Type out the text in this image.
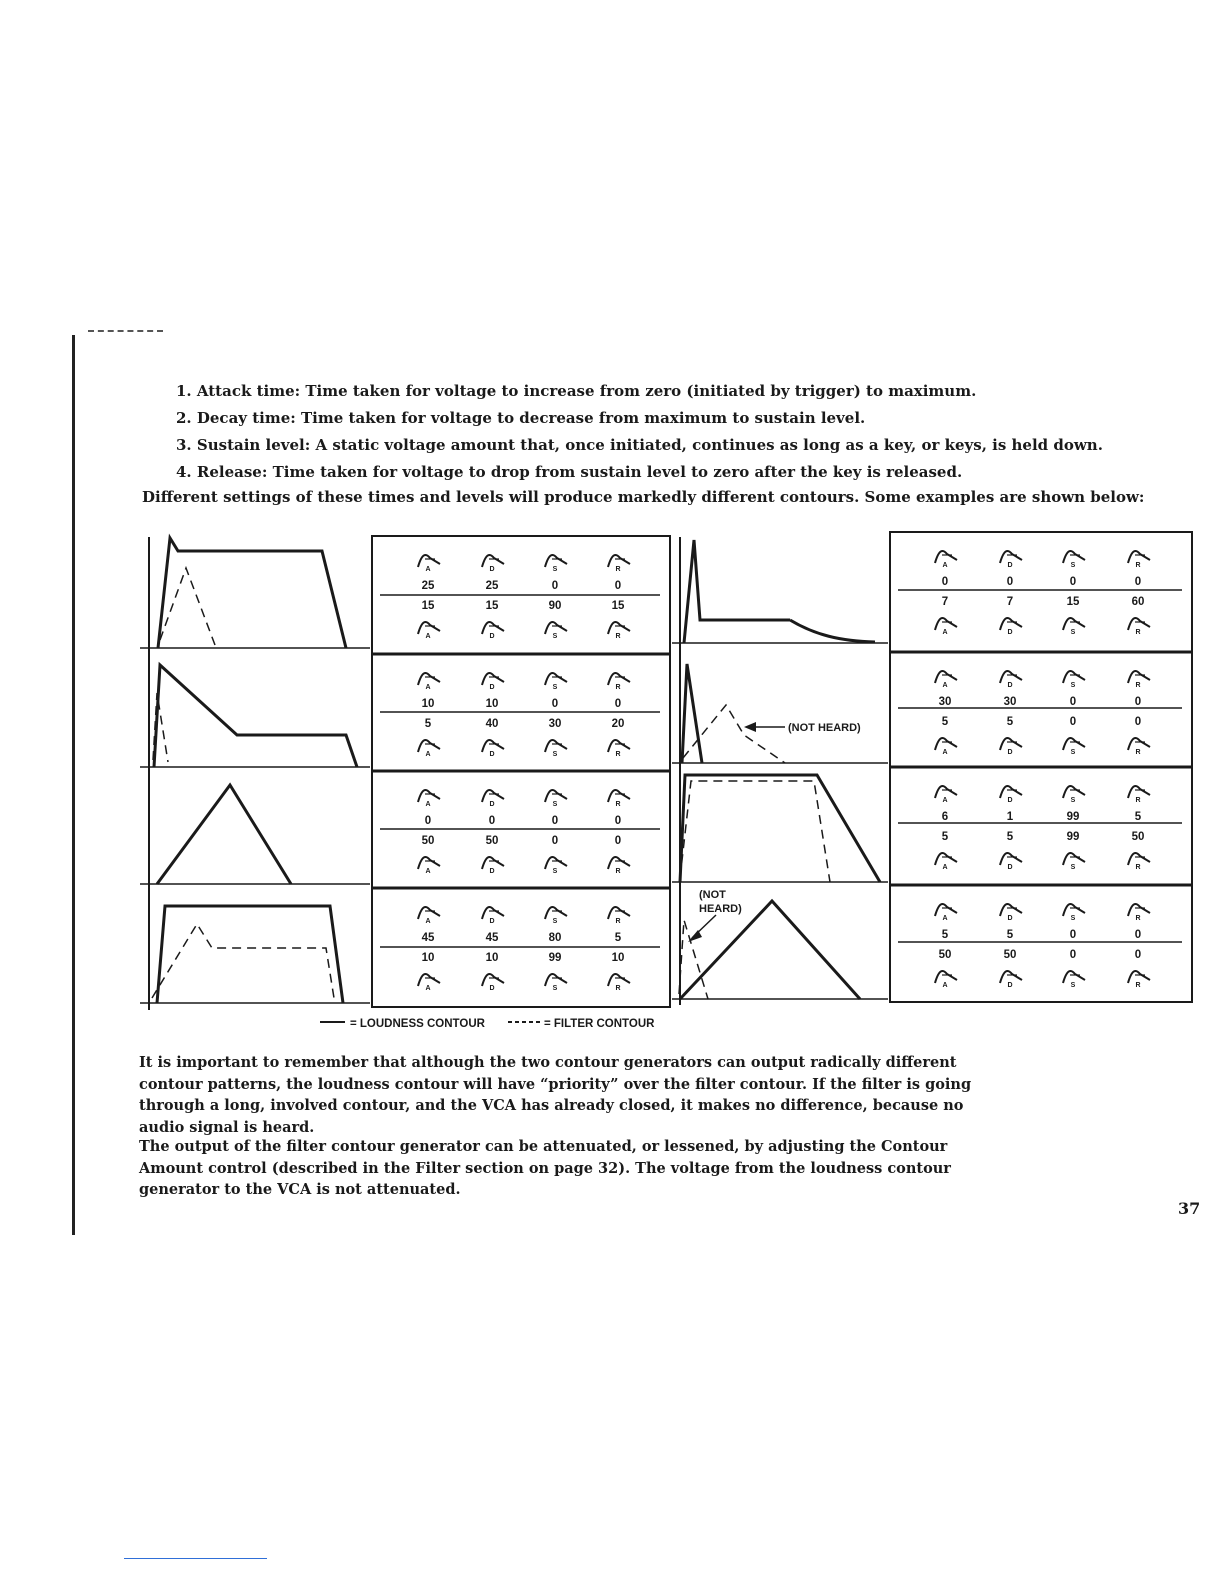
1. Attack time: Time taken for voltage to increase from zero (initiated by trigger) to maximum.
2. Decay time: Time taken for voltage to decrease from maximum to sustain level.
3. Sustain level: A static voltage amount that, once initiated, continues as long as a key, or keys, is held down.
4. Release: Time taken for voltage to drop from sustain level to zero after the key is released.
Different settings of these times and levels will produce markedly different contours. Some examples are shown below:
A
25
15
A
D
25
15
D
S
0
90
S
R
0
15
R
A
10
5
A
D
10
40
D
S
0
30
S
R
0
20
R
A
0
50
A
D
0
50
D
S
0
0
S
R
0
0
R
A
45
10
A
D
45
10
D
S
80
99
S
R
5
10
R
A
0
7
A
D
0
7
D
S
0
15
S
R
0
60
R
A
30
5
A
D
30
5
D
S
0
0
S
R
0
0
R
A
6
5
A
D
1
5
D
S
99
99
S
R
5
50
R
A
5
50
A
D
5
50
D
S
0
0
S
R
0
0
R
(NOT HEARD)
(NOT
HEARD)
= LOUDNESS CONTOUR	= FILTER CONTOUR

It is important to remember that although the two contour generators can output radically different contour patterns, the loudness contour will have “priority” over the filter contour. If the filter is going through a long, involved contour, and the VCA has already closed, it makes no difference, because no audio signal is heard.

The output of the filter contour generator can be attenuated, or lessened, by adjusting the Contour Amount control (described in the Filter section on page 32). The voltage from the loudness contour generator to the VCA is not attenuated.

37
